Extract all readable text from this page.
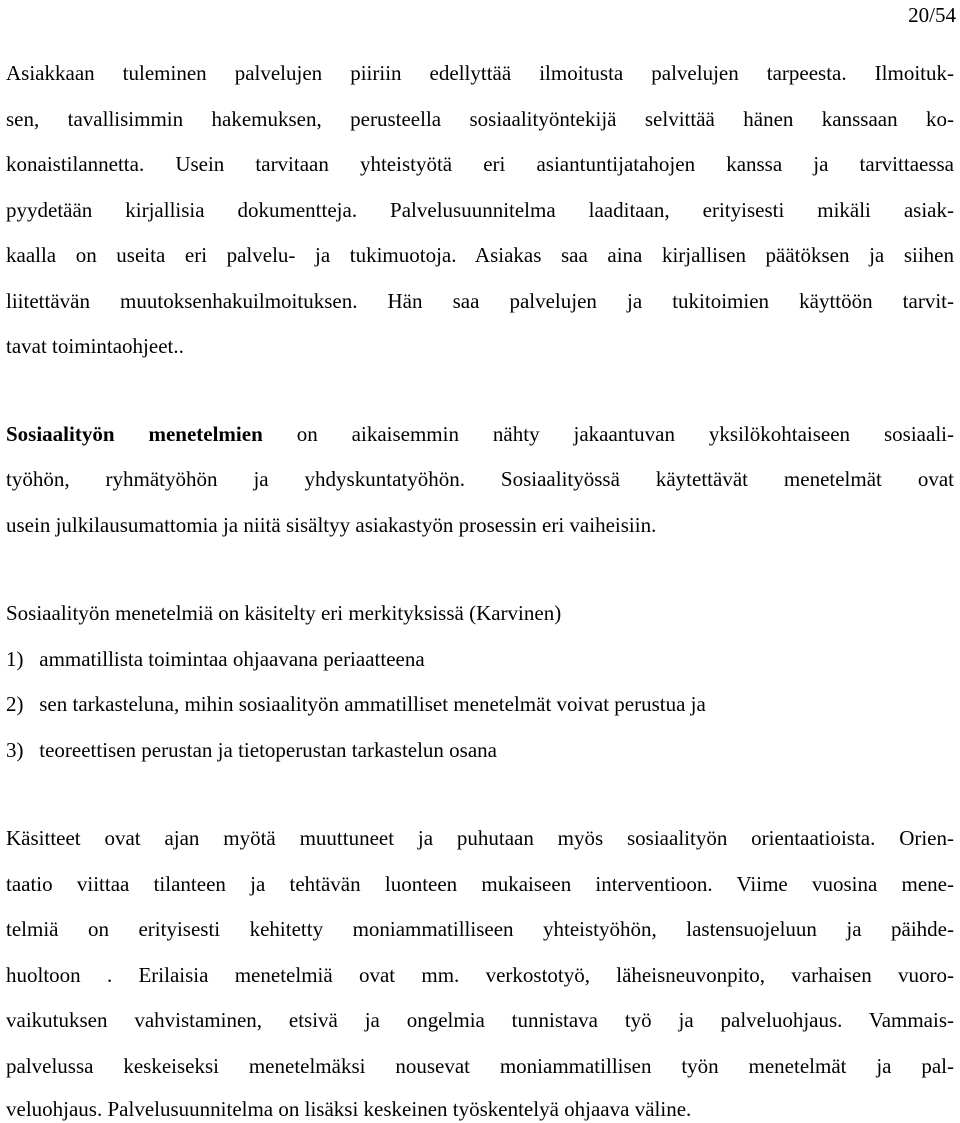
20/54
Asiakkaan tuleminen palvelujen piiriin edellyttää ilmoitusta palvelujen tarpeesta. Ilmoituk-
sen, tavallisimmin hakemuksen, perusteella sosiaalityöntekijä selvittää hänen kanssaan ko-
konaistilannetta. Usein tarvitaan yhteistyötä eri asiantuntijatahojen kanssa ja tarvittaessa
pyydetään kirjallisia dokumentteja. Palvelusuunnitelma laaditaan, erityisesti mikäli asiak-
kaalla on useita eri palvelu- ja tukimuotoja. Asiakas saa aina kirjallisen päätöksen ja siihen
liitettävän muutoksenhakuilmoituksen. Hän saa palvelujen ja tukitoimien käyttöön tarvit-
tavat toimintaohjeet..
Sosiaalityön menetelmien on aikaisemmin nähty jakaantuvan yksilökohtaiseen sosiaali-
työhön, ryhmätyöhön ja yhdyskuntatyöhön. Sosiaalityössä käytettävät menetelmät ovat
usein julkilausumattomia ja niitä sisältyy asiakastyön prosessin eri vaiheisiin.
Sosiaalityön menetelmiä on käsitelty eri merkityksissä (Karvinen)
1) ammatillista toimintaa ohjaavana periaatteena
2) sen tarkasteluna, mihin sosiaalityön ammatilliset menetelmät voivat perustua ja
3) teoreettisen perustan ja tietoperustan tarkastelun osana
Käsitteet ovat ajan myötä muuttuneet ja puhutaan myös sosiaalityön orientaatioista. Orien-
taatio viittaa tilanteen ja tehtävän luonteen mukaiseen interventioon. Viime vuosina mene-
telmiä on erityisesti kehitetty moniammatilliseen yhteistyöhön, lastensuojeluun ja päihde-
huoltoon . Erilaisia menetelmiä ovat mm. verkostotyö, läheisneuvonpito, varhaisen vuoro-
vaikutuksen vahvistaminen, etsivä ja ongelmia tunnistava työ ja palveluohjaus. Vammais-
palvelussa keskeiseksi menetelmäksi nousevat moniammatillisen työn menetelmät ja pal-
veluohjaus. Palvelusuunnitelma on lisäksi keskeinen työskentelyä ohjaava väline.
